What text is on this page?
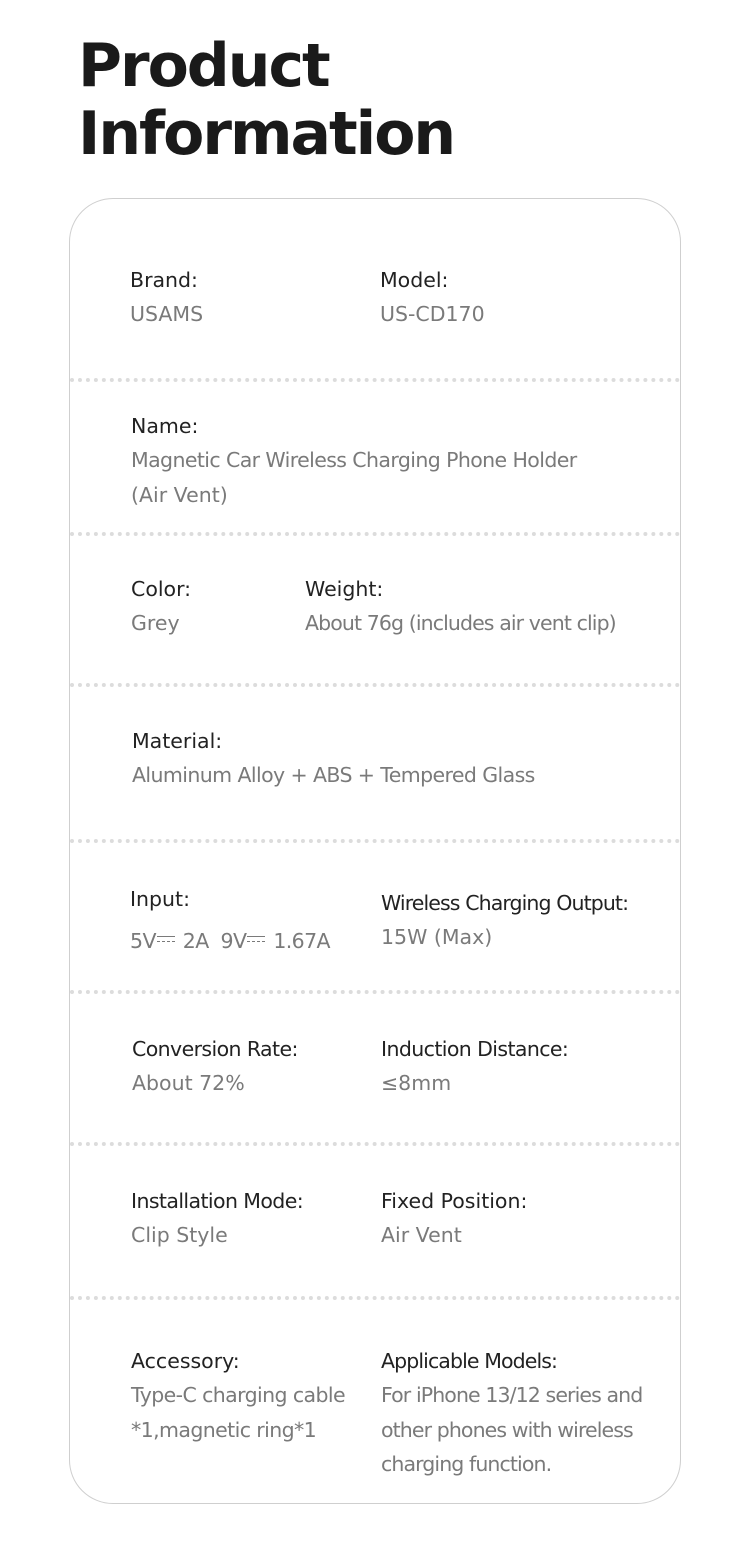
Product
Information
Brand:
USAMS
Model:
US-CD170
Name:
Magnetic Car Wireless Charging Phone Holder
(Air Vent)
Color:
Grey
Weight:
About 76g (includes air vent clip)
Material:
Aluminum Alloy + ABS + Tempered Glass
Input:
5V 2A 9V 1.67A
Wireless Charging Output:
15W (Max)
Conversion Rate:
About 72%
Induction Distance:
≤8mm
Installation Mode:
Clip Style
Fixed Position:
Air Vent
Accessory:
Type-C charging cable
*1,magnetic ring*1
Applicable Models:
For iPhone 13/12 series and
other phones with wireless
charging function.
